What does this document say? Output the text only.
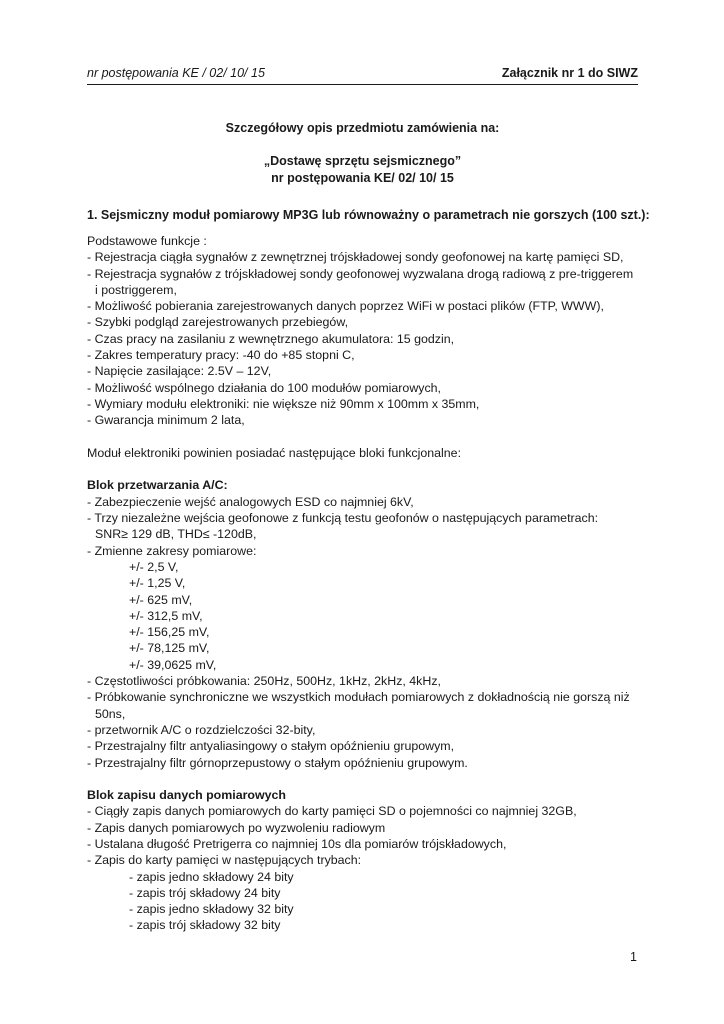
nr postępowania KE / 02/ 10/ 15	Załącznik nr 1 do SIWZ
Szczegółowy opis przedmiotu zamówienia na:
„Dostawę sprzętu sejsmicznego”
nr postępowania KE/ 02/ 10/ 15
1. Sejsmiczny moduł pomiarowy MP3G lub równoważny o parametrach nie gorszych (100 szt.):
Podstawowe funkcje :
- Rejestracja ciągła sygnałów z zewnętrznej trójskładowej sondy geofonowej na kartę pamięci SD,
- Rejestracja sygnałów z trójskładowej sondy geofonowej wyzwalana drogą radiową z pre-triggerem
i postriggerem,
- Możliwość pobierania zarejestrowanych danych poprzez WiFi w postaci plików (FTP, WWW),
- Szybki podgląd zarejestrowanych przebiegów,
- Czas pracy na zasilaniu z wewnętrznego akumulatora: 15 godzin,
- Zakres temperatury pracy: -40 do +85 stopni C,
- Napięcie zasilające: 2.5V – 12V,
- Możliwość wspólnego działania do 100 modułów pomiarowych,
- Wymiary modułu elektroniki: nie większe niż 90mm x 100mm x 35mm,
- Gwarancja minimum 2 lata,
Moduł elektroniki powinien posiadać następujące bloki funkcjonalne:
Blok przetwarzania A/C:
- Zabezpieczenie wejść analogowych ESD co najmniej 6kV,
- Trzy niezależne wejścia geofonowe z funkcją testu geofonów o następujących parametrach:
SNR≥ 129 dB, THD≤ -120dB,
- Zmienne zakresy pomiarowe:
+/- 2,5 V,
+/- 1,25 V,
+/- 625 mV,
+/- 312,5 mV,
+/- 156,25 mV,
+/- 78,125 mV,
+/- 39,0625 mV,
- Częstotliwości próbkowania: 250Hz, 500Hz, 1kHz, 2kHz, 4kHz,
- Próbkowanie synchroniczne we wszystkich modułach pomiarowych z dokładnością nie gorszą niż
50ns,
- przetwornik A/C o rozdzielczości 32-bity,
- Przestrajalny filtr antyaliasingowy o stałym opóźnieniu grupowym,
- Przestrajalny filtr górnoprzepustowy o stałym opóźnieniu grupowym.
Blok zapisu danych pomiarowych
- Ciągły zapis danych pomiarowych do karty pamięci SD o pojemności co najmniej 32GB,
- Zapis danych pomiarowych po wyzwoleniu radiowym
- Ustalana długość Pretrigerra co najmniej 10s dla pomiarów trójskładowych,
- Zapis do karty pamięci w następujących trybach:
- zapis jedno składowy 24 bity
- zapis trój składowy 24 bity
- zapis jedno składowy 32 bity
- zapis trój składowy 32 bity
1
